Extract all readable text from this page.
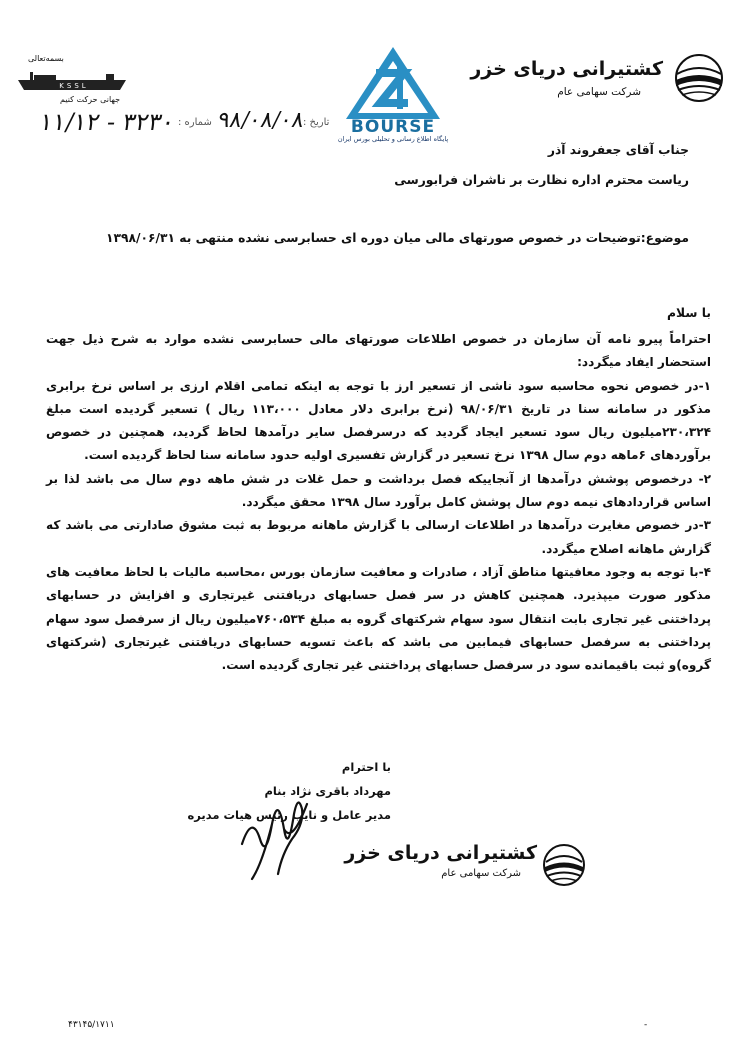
کشتیرانی دریای خزر
شرکت سهامی عام
BOURSE
پایگاه اطلاع رسانی و تحلیلی بورس ایران
بسمه‌تعالی
KSSL
جهانی حرکت کنیم
۱۱/۱۲ - ۳۲۳۰ شماره : ۹۸/۰۸/۰۸
تاریخ :

جناب آقای جعفروند آذر

ریاست محترم اداره نظارت بر ناشران فرابورسی

موضوع:توضیحات در خصوص صورتهای مالی میان دوره ای حسابرسی نشده منتهی به ۱۳۹۸/۰۶/۳۱

با سلام

احتراماً پیرو نامه آن سازمان در خصوص اطلاعات صورتهای مالی حسابرسی نشده موارد به شرح ذیل جهت استحضار ایفاد میگردد:

۱-در خصوص نحوه محاسبه سود ناشی از تسعیر ارز با توجه به اینکه تمامی اقلام ارزی بر اساس نرخ برابری مذکور در سامانه سنا در تاریخ ۹۸/۰۶/۳۱ (نرخ برابری دلار معادل ۱۱۳،۰۰۰ ریال ) تسعیر گردیده است مبلغ ۲۳۰،۳۲۴میلیون ریال سود تسعیر ایجاد گردید که درسرفصل سایر درآمدها لحاظ گردید، همچنین در خصوص برآوردهای ۶ماهه دوم سال ۱۳۹۸ نرخ تسعیر در گزارش تفسیری اولیه حدود سامانه سنا لحاظ گردیده است.

۲- درخصوص پوشش درآمدها از آنجاییکه فصل برداشت و حمل غلات در شش ماهه دوم سال می باشد لذا بر اساس قراردادهای نیمه دوم سال پوشش کامل برآورد سال ۱۳۹۸ محقق میگردد.

۳-در خصوص مغایرت درآمدها در اطلاعات ارسالی با گزارش ماهانه مربوط به ثبت مشوق صادارتی می باشد که گزارش ماهانه اصلاح میگردد.

۴-با توجه به وجود معافیتها مناطق آزاد ، صادرات و معافیت سازمان بورس ،محاسبه مالیات با لحاظ معافیت های مذکور صورت میپذیرد. همچنین کاهش در سر فصل حسابهای دریافتنی غیرتجاری و افزایش در حسابهای پرداختنی غیر تجاری بابت انتقال سود سهام شرکتهای گروه به مبلغ ۷۶۰،۵۳۴میلیون ریال از سرفصل سود سهام پرداختنی به سرفصل حسابهای فیمابین می باشد که باعث تسویه حسابهای دریافتنی غیرتجاری (شرکتهای گروه)و ثبت باقیمانده سود در سرفصل حسابهای پرداختنی غیر تجاری گردیده است.

با احترام
مهرداد باقری نژاد بنام
مدیر عامل و نایب رئیس هیات مدیره
کشتیرانی دریای خزر
شرکت سهامی عام
۴۳۱۴۵/۱۷۱۱	-
